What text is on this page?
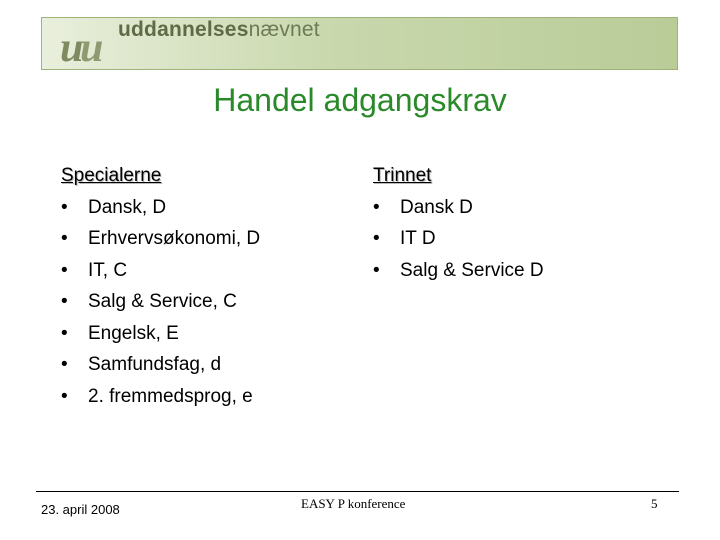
u
u uddannelsesnævnet
Handel adgangskrav
Specialerne
• Dansk, D
• Erhvervsøkonomi, D
• IT, C
• Salg & Service, C
• Engelsk, E
• Samfundsfag, d
• 2. fremmedsprog, e
Trinnet
• Dansk D
• IT D
• Salg & Service D
23. april 2008	EASY P konference	5
